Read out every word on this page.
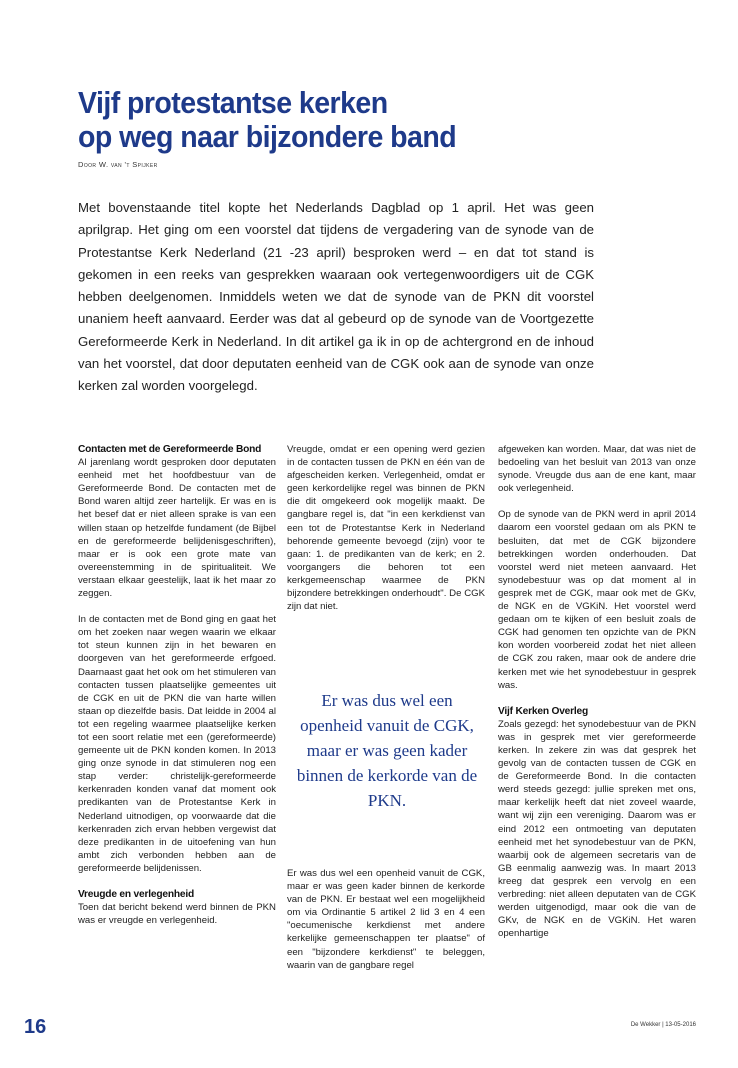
Vijf protestantse kerken
op weg naar bijzondere band
Door W. van 't Spijker
Met bovenstaande titel kopte het Nederlands Dagblad op 1 april. Het was geen aprilgrap. Het ging om een voorstel dat tijdens de vergadering van de synode van de Protestantse Kerk Nederland (21 -23 april) besproken werd – en dat tot stand is gekomen in een reeks van gesprekken waaraan ook vertegenwoordigers uit de CGK hebben deelgenomen. Inmiddels weten we dat de synode van de PKN dit voorstel unaniem heeft aanvaard. Eerder was dat al gebeurd op de synode van de Voortgezette Gereformeerde Kerk in Nederland. In dit artikel ga ik in op de achtergrond en de inhoud van het voorstel, dat door deputaten eenheid van de CGK ook aan de synode van onze kerken zal worden voorgelegd.
Contacten met de Gereformeerde Bond

Al jarenlang wordt gesproken door deputaten eenheid met het hoofdbestuur van de Gereformeerde Bond. De contacten met de Bond waren altijd zeer hartelijk. Er was en is het besef dat er niet alleen sprake is van een willen staan op hetzelfde fundament (de Bijbel en de gereformeerde belijdenisgeschriften), maar er is ook een grote mate van overeenstemming in de spiritualiteit. We verstaan elkaar geestelijk, laat ik het maar zo zeggen.

In de contacten met de Bond ging en gaat het om het zoeken naar wegen waarin we elkaar tot steun kunnen zijn in het bewaren en doorgeven van het gereformeerde erfgoed. Daarnaast gaat het ook om het stimuleren van contacten tussen plaatselijke gemeentes uit de CGK en uit de PKN die van harte willen staan op diezelfde basis. Dat leidde in 2004 al tot een regeling waarmee plaatselijke kerken tot een soort relatie met een (gereformeerde) gemeente uit de PKN konden komen. In 2013 ging onze synode in dat stimuleren nog een stap verder: christelijk-gereformeerde kerkenraden konden vanaf dat moment ook predikanten van de Protestantse Kerk in Nederland uitnodigen, op voorwaarde dat die kerkenraden zich ervan hebben vergewist dat deze predikanten in de uitoefening van hun ambt zich verbonden hebben aan de gereformeerde belijdenissen.

Vreugde en verlegenheid

Toen dat bericht bekend werd binnen de PKN was er vreugde en verlegenheid.

Vreugde, omdat er een opening werd gezien in de contacten tussen de PKN en één van de afgescheiden kerken. Verlegenheid, omdat er geen kerkordelijke regel was binnen de PKN die dit omgekeerd ook mogelijk maakt. De gangbare regel is, dat "in een kerkdienst van een tot de Protestantse Kerk in Nederland behorende gemeente bevoegd (zijn) voor te gaan: 1. de predikanten van de kerk; en 2. voorgangers die behoren tot een kerkgemeenschap waarmee de PKN bijzondere betrekkingen onderhoudt". De CGK zijn dat niet.

Er was dus wel een openheid vanuit de CGK, maar er was geen kader binnen de kerkorde van de PKN.

Er was dus wel een openheid vanuit de CGK, maar er was geen kader binnen de kerkorde van de PKN. Er bestaat wel een mogelijkheid om via Ordinantie 5 artikel 2 lid 3 en 4 een "oecumenische kerkdienst met andere kerkelijke gemeenschappen ter plaatse" of een "bijzondere kerkdienst" te beleggen, waarin van de gangbare regel

afgeweken kan worden. Maar, dat was niet de bedoeling van het besluit van 2013 van onze synode. Vreugde dus aan de ene kant, maar ook verlegenheid.

Op de synode van de PKN werd in april 2014 daarom een voorstel gedaan om als PKN te besluiten, dat met de CGK bijzondere betrekkingen worden onderhouden. Dat voorstel werd niet meteen aanvaard. Het synodebestuur was op dat moment al in gesprek met de CGK, maar ook met de GKv, de NGK en de VGKiN. Het voorstel werd gedaan om te kijken of een besluit zoals de CGK had genomen ten opzichte van de PKN kon worden voorbereid zodat het niet alleen de CGK zou raken, maar ook de andere drie kerken met wie het synodebestuur in gesprek was.

Vijf Kerken Overleg

Zoals gezegd: het synodebestuur van de PKN was in gesprek met vier gereformeerde kerken. In zekere zin was dat gesprek het gevolg van de contacten tussen de CGK en de Gereformeerde Bond. In die contacten werd steeds gezegd: jullie spreken met ons, maar kerkelijk heeft dat niet zoveel waarde, want wij zijn een vereniging. Daarom was er eind 2012 een ontmoeting van deputaten eenheid met het synodebestuur van de PKN, waarbij ook de algemeen secretaris van de GB eenmalig aanwezig was. In maart 2013 kreeg dat gesprek een vervolg en een verbreding: niet alleen deputaten van de CGK werden uitgenodigd, maar ook die van de GKv, de NGK en de VGKiN. Het waren openhartige

16	De Wekker | 13-05-2016
